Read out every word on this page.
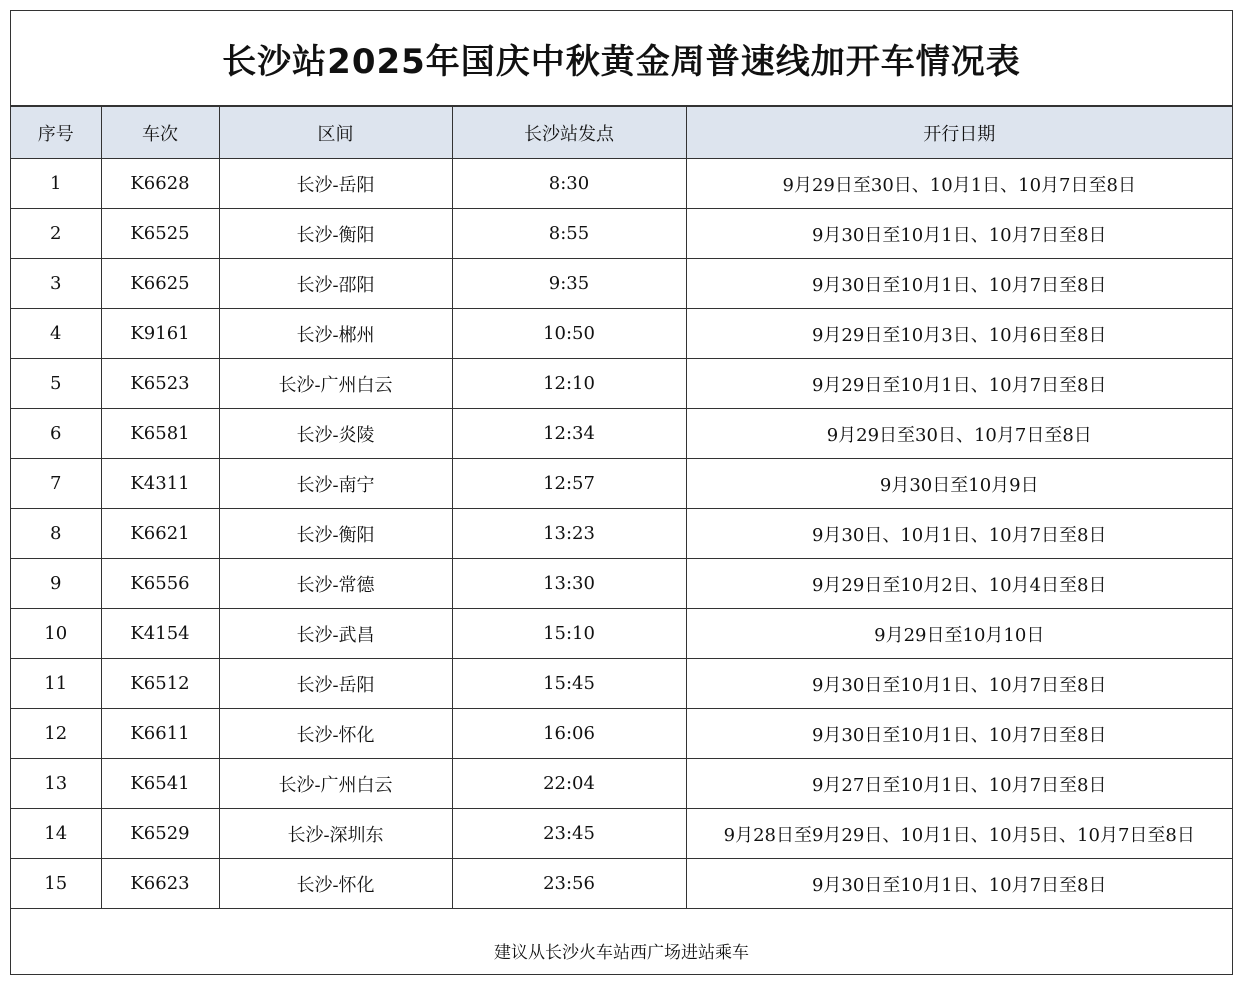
长沙站2025年国庆中秋黄金周普速线加开车情况表
序号	车次	区间	长沙站发点	开行日期
1	K6628	长沙-岳阳	8:30	9月29日至30日、10月1日、10月7日至8日
2	K6525	长沙-衡阳	8:55	9月30日至10月1日、10月7日至8日
3	K6625	长沙-邵阳	9:35	9月30日至10月1日、10月7日至8日
4	K9161	长沙-郴州	10:50	9月29日至10月3日、10月6日至8日
5	K6523	长沙-广州白云	12:10	9月29日至10月1日、10月7日至8日
6	K6581	长沙-炎陵	12:34	9月29日至30日、10月7日至8日
7	K4311	长沙-南宁	12:57	9月30日至10月9日
8	K6621	长沙-衡阳	13:23	9月30日、10月1日、10月7日至8日
9	K6556	长沙-常德	13:30	9月29日至10月2日、10月4日至8日
10	K4154	长沙-武昌	15:10	9月29日至10月10日
11	K6512	长沙-岳阳	15:45	9月30日至10月1日、10月7日至8日
12	K6611	长沙-怀化	16:06	9月30日至10月1日、10月7日至8日
13	K6541	长沙-广州白云	22:04	9月27日至10月1日、10月7日至8日
14	K6529	长沙-深圳东	23:45	9月28日至9月29日、10月1日、10月5日、10月7日至8日
15	K6623	长沙-怀化	23:56	9月30日至10月1日、10月7日至8日
建议从长沙火车站西广场进站乘车
